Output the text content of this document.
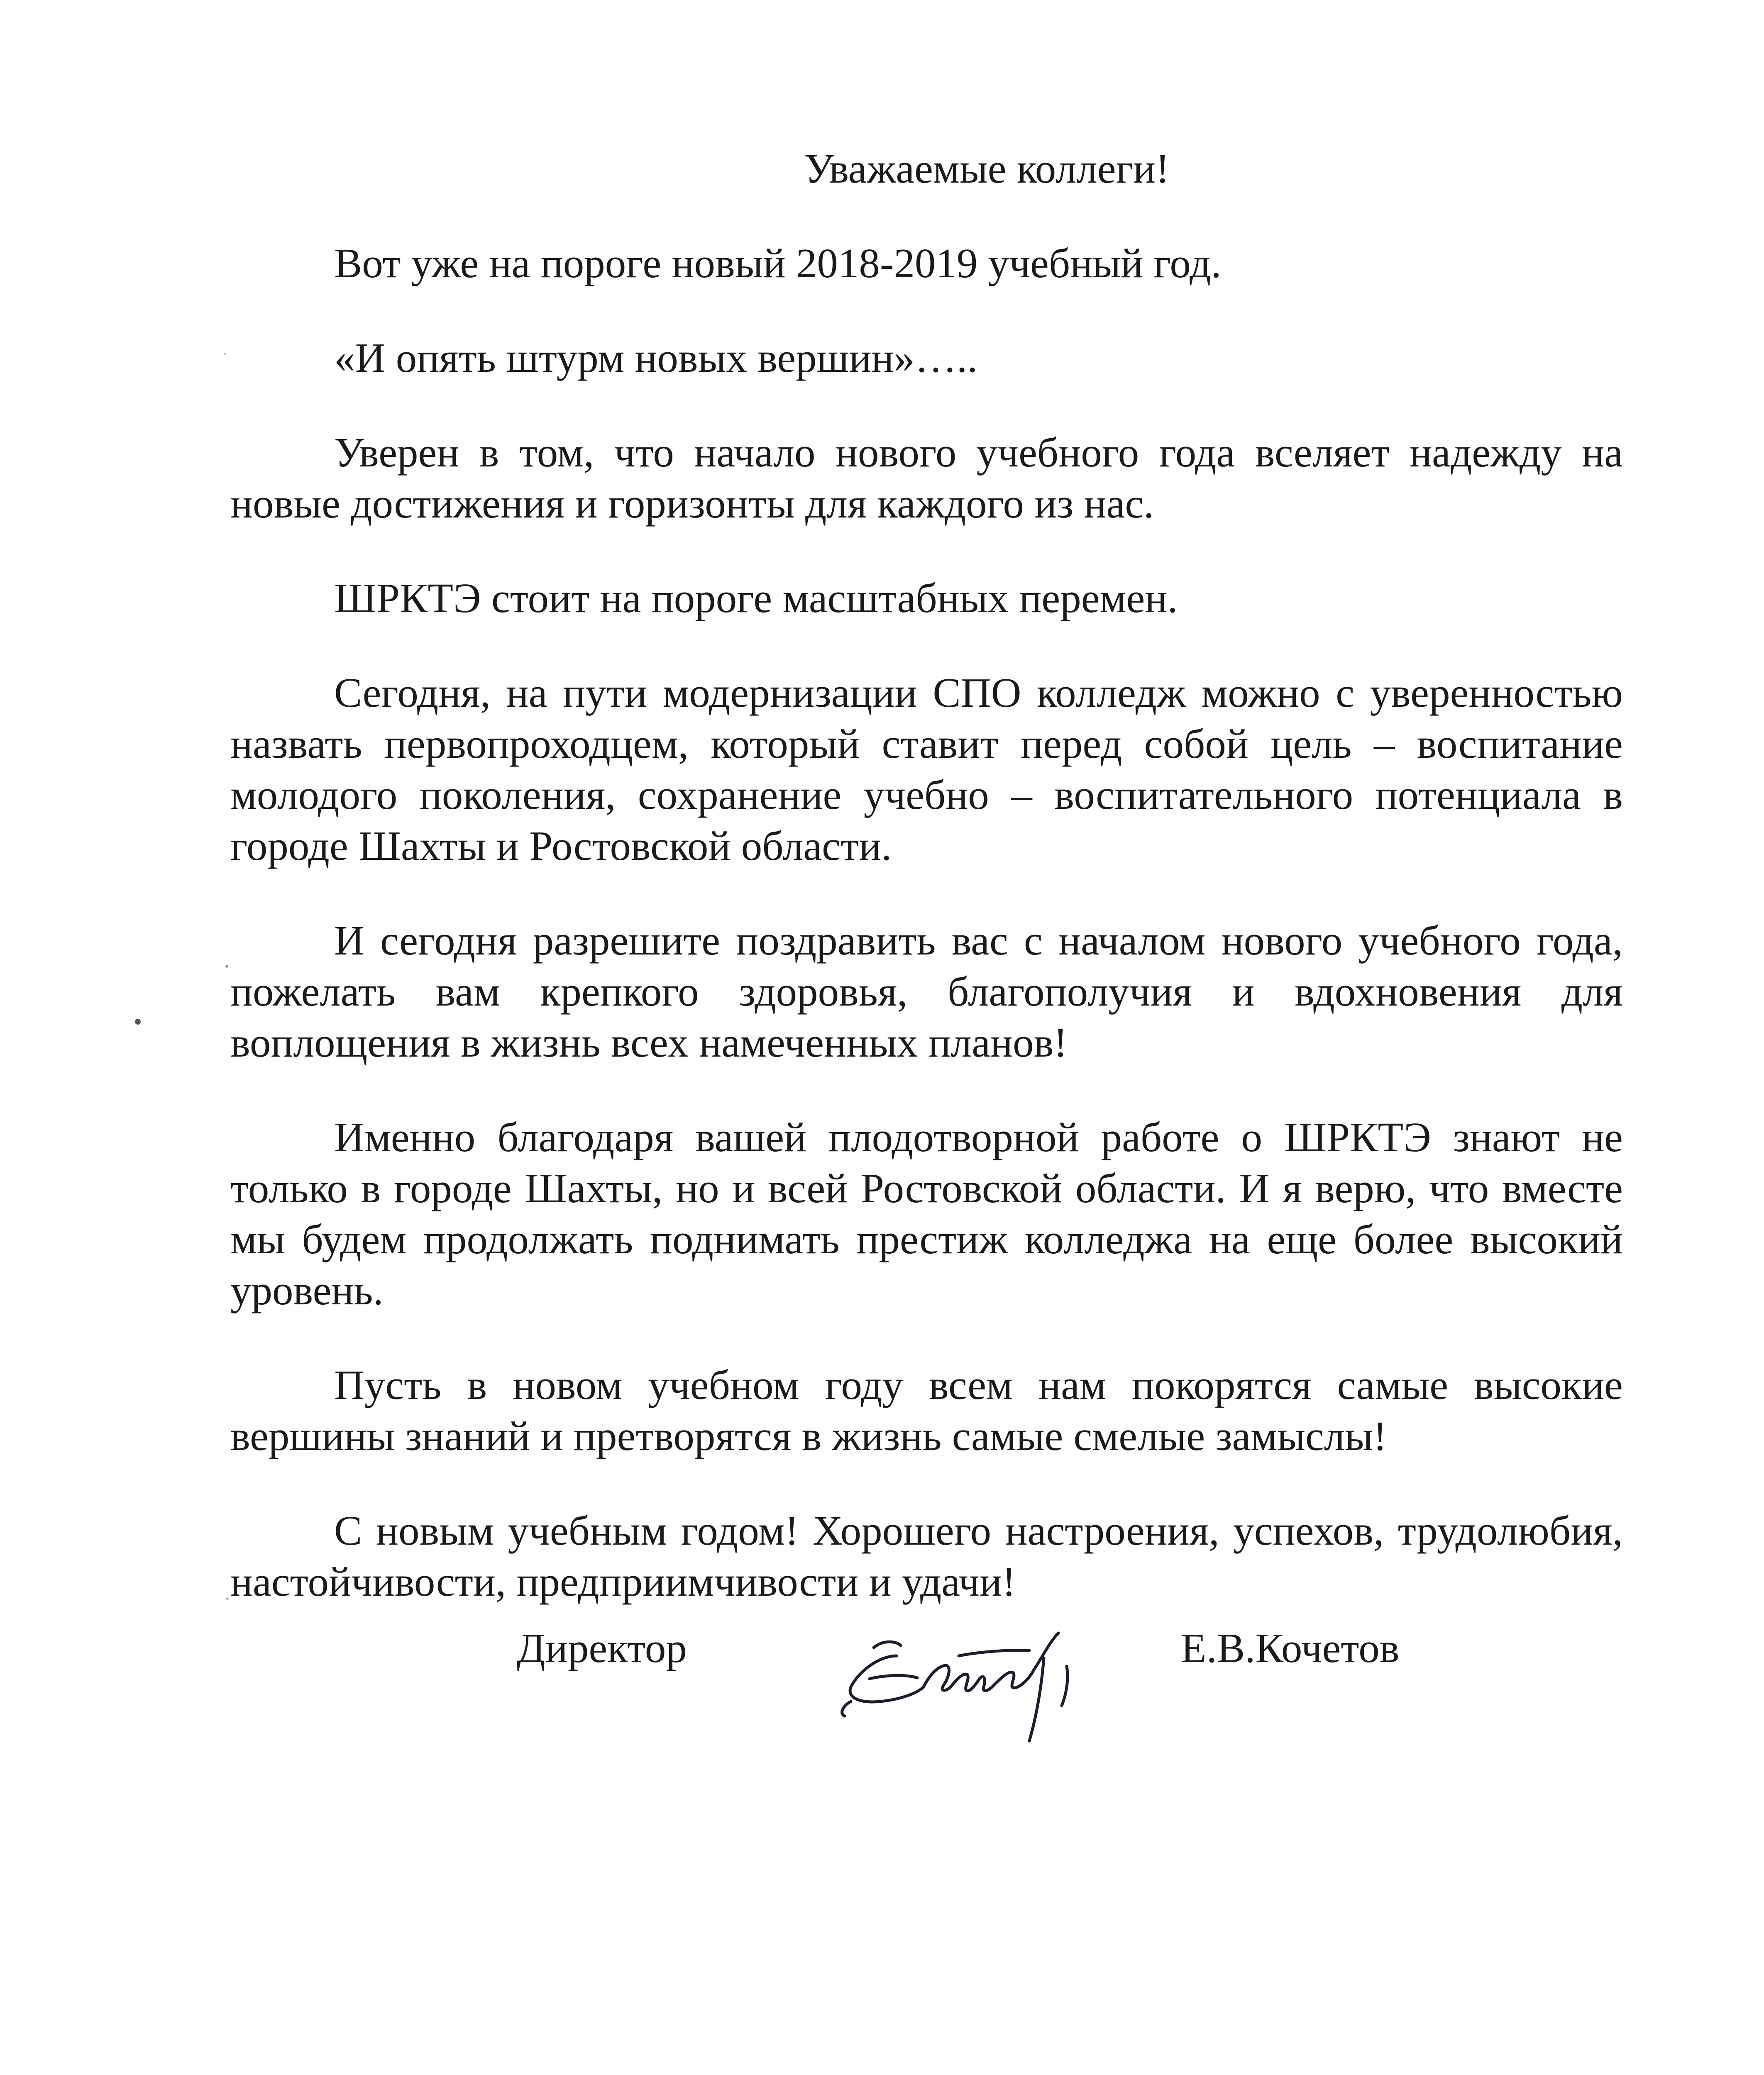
Уважаемые коллеги!

Вот уже на пороге новый 2018-2019 учебный год.

«И опять штурм новых вершин»…..

Уверен в том, что начало нового учебного года вселяет надежду на новые достижения и горизонты для каждого из нас.

ШРКТЭ стоит на пороге масштабных перемен.

Сегодня, на пути модернизации СПО колледж можно с уверенностью назвать первопроходцем, который ставит перед собой цель – воспитание молодого поколения, сохранение учебно – воспитательного потенциала в городе Шахты и Ростовской области.

И сегодня разрешите поздравить вас с началом нового учебного года, пожелать вам крепкого здоровья, благополучия и вдохновения для воплощения в жизнь всех намеченных планов!

Именно благодаря вашей плодотворной работе о ШРКТЭ знают не только в городе Шахты, но и всей Ростовской области. И я верю, что вместе мы будем продолжать поднимать престиж колледжа на еще более высокий уровень.

Пусть в новом учебном году всем нам покорятся самые высокие вершины знаний и претворятся в жизнь самые смелые замыслы!

С новым учебным годом! Хорошего настроения, успехов, трудолюбия, настойчивости, предприимчивости и удачи!

Директор	Е.В.Кочетов
